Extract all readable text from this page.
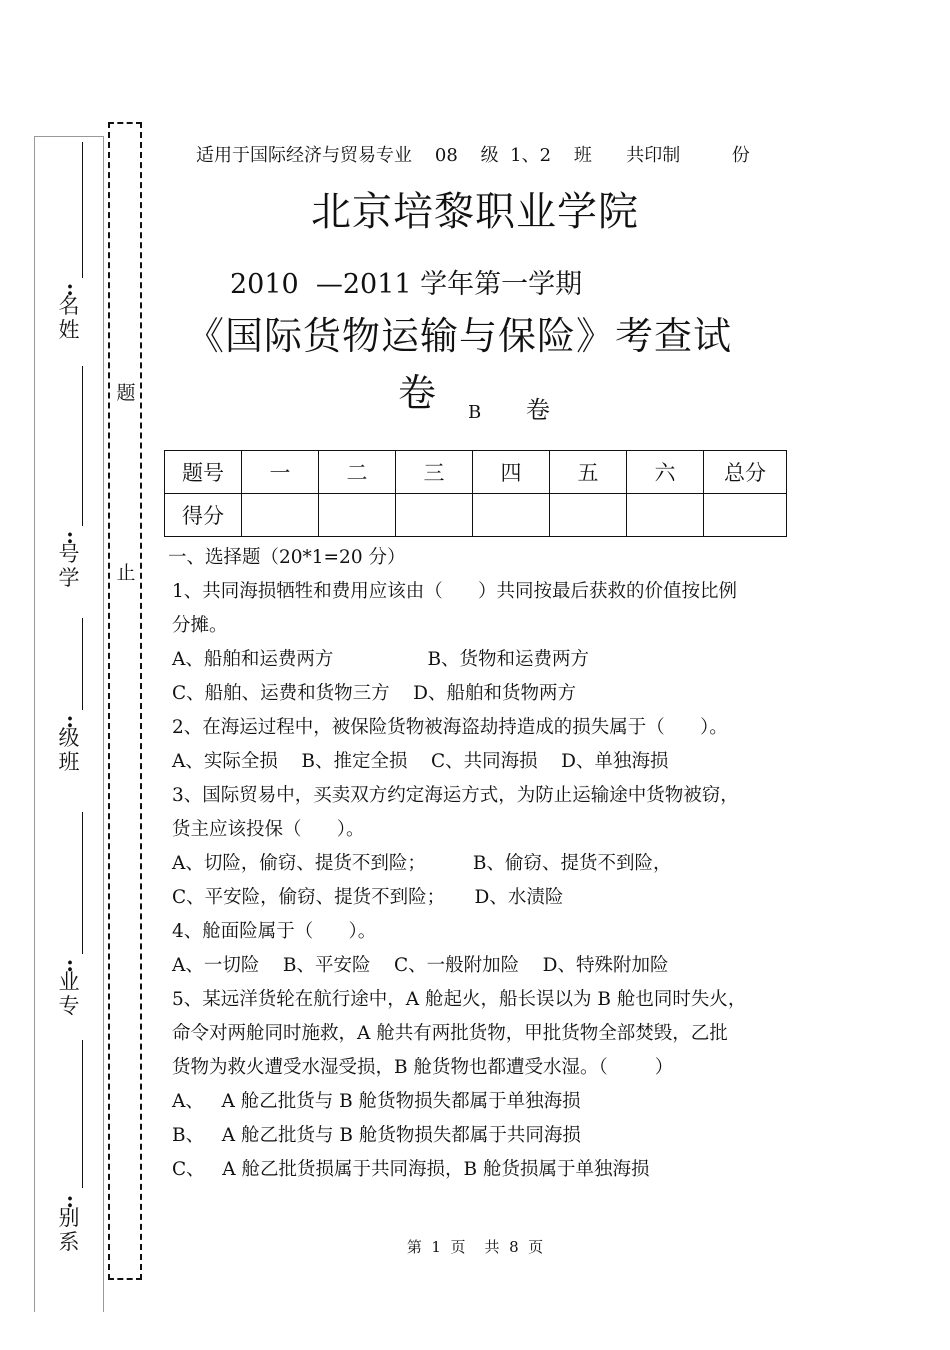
题
止
:
名姓
:
号学
:
级班
:
业专
:
别系
适用于国际经济与贸易专业    08    级  1、2    班      共印制         份
北京培黎职业学院
2010  —2011 学年第一学期
《国际货物运输与保险》考查试
卷 B 卷
题号	一	二	三	四	五	六	总分
得分							
一、选择题（20*1=20 分）
1、共同海损牺牲和费用应该由（      ）共同按最后获救的价值按比例
分摊。
A、船舶和运费两方                B、货物和运费两方
C、船舶、运费和货物三方    D、船舶和货物两方
2、在海运过程中，被保险货物被海盗劫持造成的损失属于（      ）。
A、实际全损    B、推定全损    C、共同海损    D、单独海损
3、国际贸易中，买卖双方约定海运方式，为防止运输途中货物被窃，
货主应该投保（      ）。
A、切险，偷窃、提货不到险；        B、偷窃、提货不到险，
C、平安险，偷窃、提货不到险；     D、水渍险
4、舱面险属于（      ）。
A、一切险    B、平安险    C、一般附加险    D、特殊附加险
5、某远洋货轮在航行途中，A 舱起火，船长误以为 B 舱也同时失火，
命令对两舱同时施救，A 舱共有两批货物，甲批货物全部焚毁，乙批
货物为救火遭受水湿受损，B 舱货物也都遭受水湿。（        ）
A、   A 舱乙批货与 B 舱货物损失都属于单独海损
B、   A 舱乙批货与 B 舱货物损失都属于共同海损
C、   A 舱乙批货损属于共同海损，B 舱货损属于单独海损
第  1  页    共  8  页
